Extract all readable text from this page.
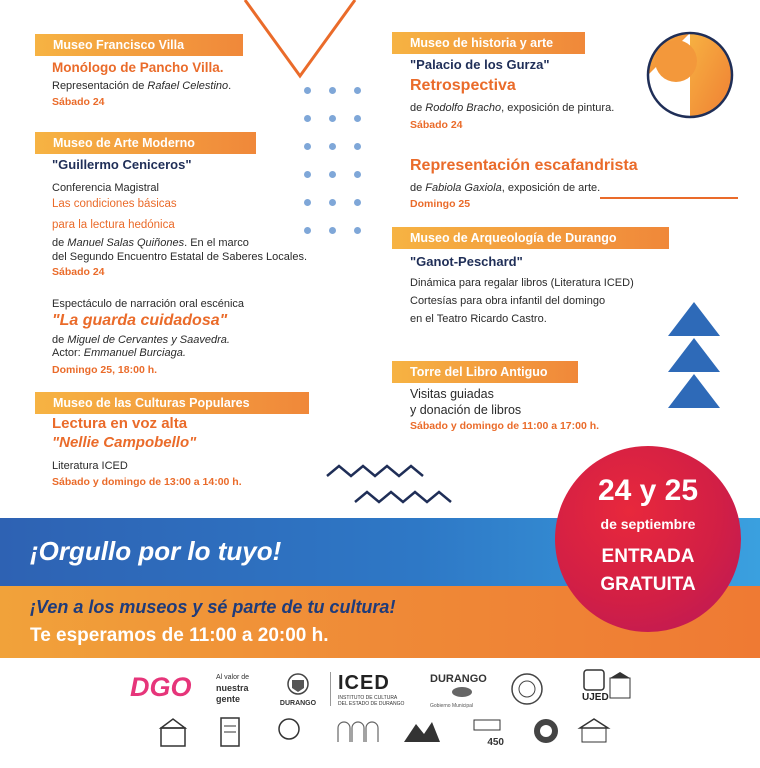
Museo Francisco Villa
Monólogo de Pancho Villa.
Representación de Rafael Celestino.
Sábado 24
Museo de Arte Moderno
"Guillermo Ceniceros"
Conferencia Magistral
Las condiciones básicas
para la lectura hedónica
de Manuel Salas Quiñones. En el marco
del Segundo Encuentro Estatal de Saberes Locales.
Sábado 24
Espectáculo de narración oral escénica
"La guarda cuidadosa"
de Miguel de Cervantes y Saavedra.
Actor: Emmanuel Burciaga.
Domingo 25, 18:00 h.
Museo de las Culturas Populares
Lectura en voz alta
"Nellie Campobello"
Literatura ICED
Sábado y domingo de 13:00 a 14:00 h.
Museo de historia y arte
"Palacio de los Gurza"
Retrospectiva
de Rodolfo Bracho, exposición de pintura.
Sábado 24
Representación escafandrista
de Fabiola Gaxiola, exposición de arte.
Domingo 25
Museo de Arqueología de Durango
"Ganot-Peschard"
Dinámica para regalar libros (Literatura ICED)
Cortesías para obra infantil del domingo
en el Teatro Ricardo Castro.
Torre del Libro Antiguo
Visitas guiadas
y donación de libros
Sábado y domingo de 11:00 a 17:00 h.
¡Orgullo por lo tuyo!
¡Ven a los museos y sé parte de tu cultura!
Te esperamos de 11:00 a 20:00 h.
24 y 25
de septiembre
ENTRADA
GRATUITA
DGO	Al valor de
nuestra
gente	DURANGO
ICED
INSTITUTO DE CULTURA
DEL ESTADO DE DURANGO
DURANGO
Gobierno Municipal
UJED
450
